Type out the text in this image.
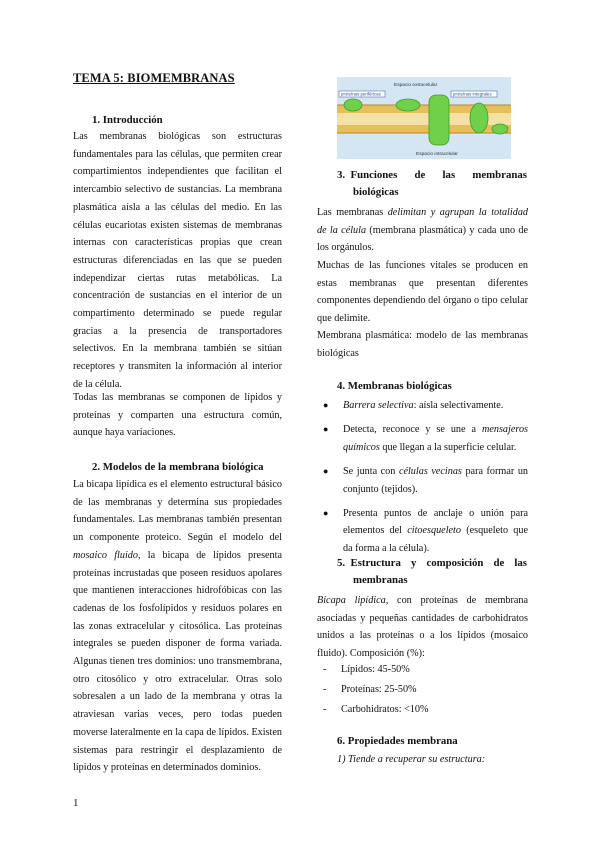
TEMA 5: BIOMEMBRANAS
1. Introducción
Las membranas biológicas son estructuras fundamentales para las células, que permiten crear compartimientos independientes que facilitan el intercambio selectivo de sustancias. La membrana plasmática aísla a las células del medio. En las células eucariotas existen sistemas de membranas internas con características propias que crean estructuras diferenciadas en las que se pueden independizar ciertas rutas metabólicas. La concentración de sustancias en el interior de un compartimento determinado se puede regular gracias a la presencia de transportadores selectivos. En la membrana también se sitúan receptores y transmiten la información al interior de la célula.
Todas las membranas se componen de lípidos y proteínas y comparten una estructura común, aunque haya variaciones.
2. Modelos de la membrana biológica
La bicapa lipídica es el elemento estructural básico de las membranas y determina sus propiedades fundamentales. Las membranas también presentan un componente proteico. Según el modelo del mosaico fluido, la bicapa de lípidos presenta proteínas incrustadas que poseen residuos apolares que mantienen interacciones hidrofóbicas con las cadenas de los fosfolípidos y residuos polares en las zonas extracelular y citosólica. Las proteínas integrales se pueden disponer de forma variada. Algunas tienen tres dominios: uno transmembrana, otro citosólico y otro extracelular. Otras solo sobresalen a un lado de la membrana y otras la atraviesan varias veces, pero todas pueden moverse lateralmente en la capa de lípidos. Existen sistemas para restringir el desplazamiento de lípidos y proteínas en determinados dominios.
Espacio extracelular
proteínas periféricas	proteínas integrales
Espacio intracelular
3.  Funciones de las membranas
biológicas
Las membranas delimitan y agrupan la totalidad de la célula (membrana plasmática) y cada uno de los orgánulos.
Muchas de las funciones vitales se producen en estas membranas que presentan diferentes componentes dependiendo del órgano o tipo celular que delimite.
Membrana plasmática: modelo de las membranas biológicas
4. Membranas biológicas
● Barrera selectiva: aísla selectivamente.
● Detecta, reconoce y se une a mensajeros químicos que llegan a la superficie celular.
● Se junta con células vecinas para formar un conjunto (tejidos).
● Presenta puntos de anclaje o unión para elementos del citoesqueleto (esqueleto que da forma a la célula).
5.  Estructura y composición de las
membranas
Bicapa lipídica, con proteínas de membrana asociadas y pequeñas cantidades de carbohidratos unidos a las proteínas o a los lípidos (mosaico fluido). Composición (%):
- Lípidos: 45-50%
- Proteínas: 25-50%
- Carbohidratos: <10%
6. Propiedades membrana
1) Tiende a recuperar su estructura:
1
